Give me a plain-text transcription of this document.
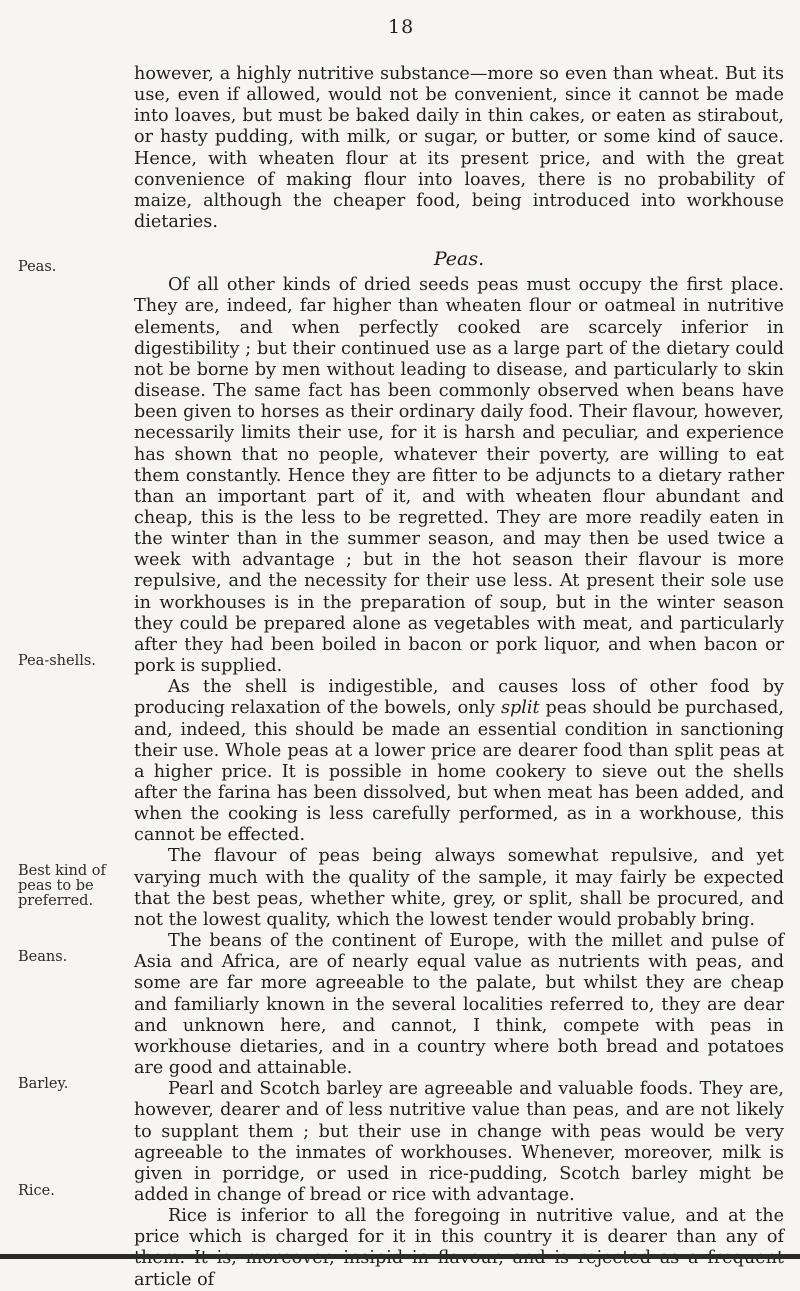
18
Peas.
Pea-shells.
Best kind of peas to be preferred.
Beans.
Barley.
Rice.

however, a highly nutritive substance—more so even than wheat. But its use, even if allowed, would not be convenient, since it cannot be made into loaves, but must be baked daily in thin cakes, or eaten as stirabout, or hasty pudding, with milk, or sugar, or butter, or some kind of sauce. Hence, with wheaten flour at its present price, and with the great convenience of making flour into loaves, there is no probability of maize, although the cheaper food, being introduced into workhouse dietaries.

Peas.

Of all other kinds of dried seeds peas must occupy the first place. They are, indeed, far higher than wheaten flour or oatmeal in nutritive elements, and when perfectly cooked are scarcely inferior in digestibility ; but their continued use as a large part of the dietary could not be borne by men without leading to disease, and particularly to skin disease. The same fact has been commonly observed when beans have been given to horses as their ordinary daily food. Their flavour, however, necessarily limits their use, for it is harsh and peculiar, and experience has shown that no people, whatever their poverty, are willing to eat them constantly. Hence they are fitter to be adjuncts to a dietary rather than an important part of it, and with wheaten flour abundant and cheap, this is the less to be regretted. They are more readily eaten in the winter than in the summer season, and may then be used twice a week with advantage ; but in the hot season their flavour is more repulsive, and the necessity for their use less. At present their sole use in workhouses is in the preparation of soup, but in the winter season they could be prepared alone as vegetables with meat, and particularly after they had been boiled in bacon or pork liquor, and when bacon or pork is supplied.

As the shell is indigestible, and causes loss of other food by producing relaxation of the bowels, only split peas should be purchased, and, indeed, this should be made an essential condition in sanctioning their use. Whole peas at a lower price are dearer food than split peas at a higher price. It is possible in home cookery to sieve out the shells after the farina has been dissolved, but when meat has been added, and when the cooking is less carefully performed, as in a workhouse, this cannot be effected.

The flavour of peas being always somewhat repulsive, and yet varying much with the quality of the sample, it may fairly be expected that the best peas, whether white, grey, or split, shall be procured, and not the lowest quality, which the lowest tender would probably bring.

The beans of the continent of Europe, with the millet and pulse of Asia and Africa, are of nearly equal value as nutrients with peas, and some are far more agreeable to the palate, but whilst they are cheap and familiarly known in the several localities referred to, they are dear and unknown here, and cannot, I think, compete with peas in workhouse dietaries, and in a country where both bread and potatoes are good and attainable.

Pearl and Scotch barley are agreeable and valuable foods. They are, however, dearer and of less nutritive value than peas, and are not likely to supplant them ; but their use in change with peas would be very agreeable to the inmates of workhouses. Whenever, moreover, milk is given in porridge, or used in rice-pudding, Scotch barley might be added in change of bread or rice with advantage.

Rice is inferior to all the foregoing in nutritive value, and at the price which is charged for it in this country it is dearer than any of article of
